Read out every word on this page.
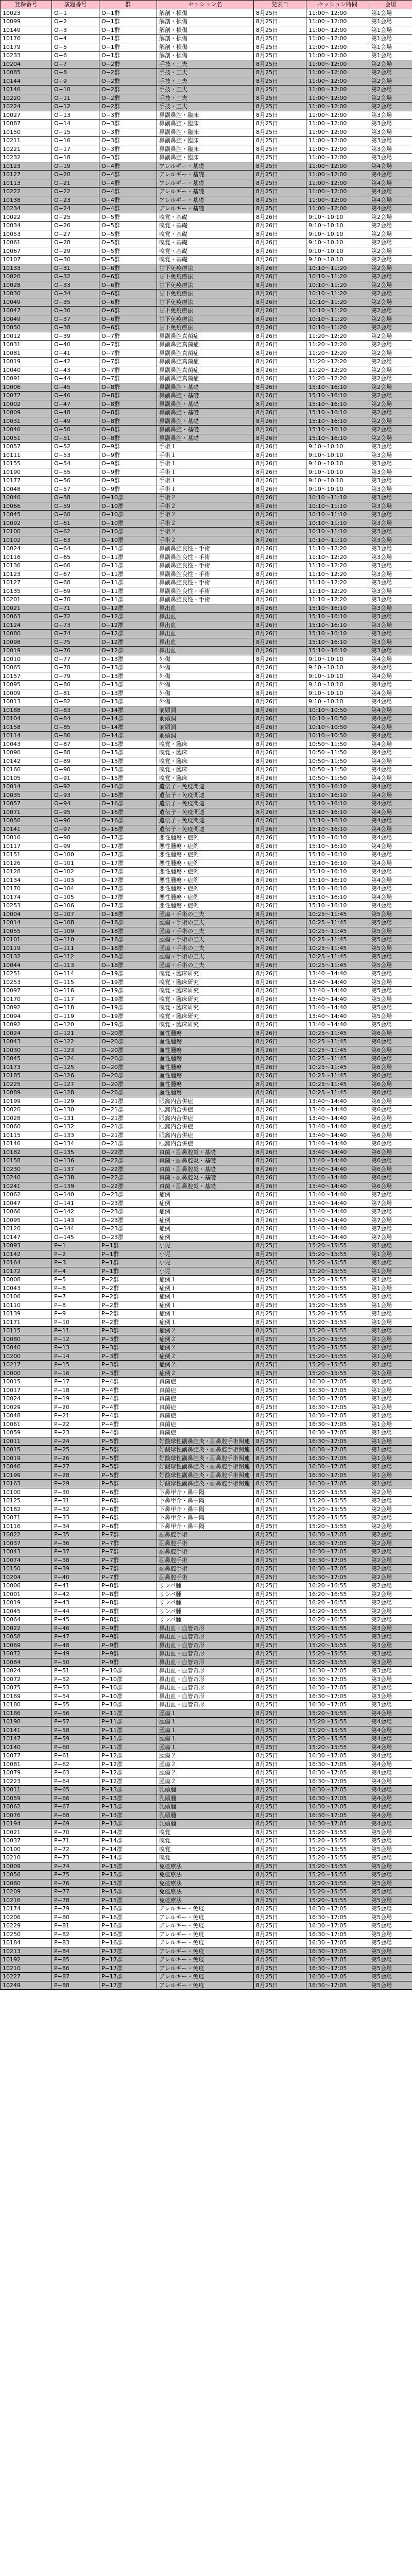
登録番号	演題番号	群	セッション名	発表日	セッション時間	会場
10023	O−1	O−1群	解剖・損傷	8月25日	11:00〜12:00	第1会場
10099	O−2	O−1群	解剖・損傷	8月25日	11:00〜12:00	第1会場
10149	O−3	O−1群	解剖・損傷	8月25日	11:00〜12:00	第1会場
10176	O−4	O−1群	解剖・損傷	8月25日	11:00〜12:00	第1会場
10179	O−5	O−1群	解剖・損傷	8月25日	11:00〜12:00	第1会場
10233	O−6	O−1群	解剖・損傷	8月25日	11:00〜12:00	第1会場
10204	O−7	O−2群	手技・工夫	8月25日	11:00〜12:00	第2会場
10085	O−8	O−2群	手技・工夫	8月25日	11:00〜12:00	第2会場
10144	O−9	O−2群	手技・工夫	8月25日	11:00〜12:00	第2会場
10146	O−10	O−2群	手技・工夫	8月25日	11:00〜12:00	第2会場
10220	O−11	O−2群	手技・工夫	8月25日	11:00〜12:00	第2会場
10224	O−12	O−2群	手技・工夫	8月25日	11:00〜12:00	第2会場
10027	O−13	O−3群	鼻副鼻腔・臨床	8月25日	11:00〜12:00	第3会場
10087	O−14	O−3群	鼻副鼻腔・臨床	8月25日	11:00〜12:00	第3会場
10150	O−15	O−3群	鼻副鼻腔・臨床	8月25日	11:00〜12:00	第3会場
10211	O−16	O−3群	鼻副鼻腔・臨床	8月25日	11:00〜12:00	第3会場
10221	O−17	O−3群	鼻副鼻腔・臨床	8月25日	11:00〜12:00	第3会場
10232	O−18	O−3群	鼻副鼻腔・臨床	8月25日	11:00〜12:00	第3会場
10123	O−19	O−4群	アレルギー・基礎	8月25日	11:00〜12:00	第4会場
10127	O−20	O−4群	アレルギー・基礎	8月25日	11:00〜12:00	第4会場
10113	O−21	O−4群	アレルギー・基礎	8月25日	11:00〜12:00	第4会場
10222	O−22	O−4群	アレルギー・基礎	8月25日	11:00〜12:00	第4会場
10138	O−23	O−4群	アレルギー・基礎	8月25日	11:00〜12:00	第4会場
10234	O−24	O−4群	アレルギー・基礎	8月25日	11:00〜12:00	第4会場
10022	O−25	O−5群	嗅覚・基礎	8月26日	9:10〜10:10	第2会場
10034	O−26	O−5群	嗅覚・基礎	8月26日	9:10〜10:10	第2会場
10053	O−27	O−5群	嗅覚・基礎	8月26日	9:10〜10:10	第2会場
10061	O−28	O−5群	嗅覚・基礎	8月26日	9:10〜10:10	第2会場
10067	O−29	O−5群	嗅覚・基礎	8月26日	9:10〜10:10	第2会場
10107	O−30	O−5群	嗅覚・基礎	8月26日	9:10〜10:10	第2会場
10133	O−31	O−6群	甘下免疫療法	8月26日	10:10〜11:20	第2会場
10026	O−32	O−6群	甘下免疫療法	8月26日	10:10〜11:20	第2会場
10028	O−33	O−6群	甘下免疫療法	8月26日	10:10〜11:20	第2会場
10030	O−34	O−6群	甘下免疫療法	8月26日	10:10〜11:20	第2会場
10049	O−35	O−6群	甘下免疫療法	8月26日	10:10〜11:20	第2会場
10047	O−36	O−6群	甘下免疫療法	8月26日	10:10〜11:20	第2会場
10049	O−37	O−6群	甘下免疫療法	8月26日	10:10〜11:20	第2会場
10050	O−38	O−6群	甘下免疫療法	8月26日	10:10〜11:20	第2会場
10012	O−39	O−7群	鼻副鼻腔真菌症	8月26日	11:20〜12:20	第2会場
10031	O−40	O−7群	鼻副鼻腔真菌症	8月26日	11:20〜12:20	第2会場
10081	O−41	O−7群	鼻副鼻腔真菌症	8月26日	11:20〜12:20	第2会場
10019	O−42	O−7群	鼻副鼻腔真菌症	8月26日	11:20〜12:20	第2会場
10040	O−43	O−7群	鼻副鼻腔真菌症	8月26日	11:20〜12:20	第2会場
10091	O−44	O−7群	鼻副鼻腔真菌症	8月26日	11:20〜12:20	第2会場
10006	O−45	O−8群	鼻副鼻腔・基礎	8月26日	15:10〜16:10	第2会場
10077	O−46	O−8群	鼻副鼻腔・基礎	8月26日	15:10〜16:10	第2会場
10002	O−47	O−8群	鼻副鼻腔・基礎	8月26日	15:10〜16:10	第2会場
10009	O−48	O−8群	鼻副鼻腔・基礎	8月26日	15:10〜16:10	第2会場
10031	O−49	O−8群	鼻副鼻腔・基礎	8月26日	15:10〜16:10	第2会場
10046	O−50	O−8群	鼻副鼻腔・基礎	8月26日	15:10〜16:10	第2会場
10051	O−51	O−8群	鼻副鼻腔・基礎	8月26日	15:10〜16:10	第2会場
10057	O−52	O−9群	手術１	8月26日	9:10〜10:10	第3会場
10111	O−53	O−9群	手術１	8月26日	9:10〜10:10	第3会場
10155	O−54	O−9群	手術１	8月26日	9:10〜10:10	第3会場
10190	O−55	O−9群	手術１	8月26日	9:10〜10:10	第3会場
10177	O−56	O−9群	手術１	8月26日	9:10〜10:10	第3会場
10048	O−57	O−9群	手術１	8月26日	9:10〜10:10	第3会場
10046	O−58	O−10群	手術２	8月26日	10:10〜11:10	第3会場
10066	O−59	O−10群	手術２	8月26日	10:10〜11:10	第3会場
10045	O−60	O−10群	手術２	8月26日	10:10〜11:10	第3会場
10092	O−61	O−10群	手術２	8月26日	10:10〜11:10	第3会場
10100	O−62	O−10群	手術２	8月26日	10:10〜11:10	第3会場
10102	O−63	O−10群	手術２	8月26日	10:10〜11:10	第3会場
10024	O−64	O−11群	鼻副鼻腔良性・手術	8月26日	11:10〜12:20	第3会場
10116	O−65	O−11群	鼻副鼻腔良性・手術	8月26日	11:10〜12:20	第3会場
10136	O−66	O−11群	鼻副鼻腔良性・手術	8月26日	11:10〜12:20	第3会場
10123	O−67	O−11群	鼻副鼻腔良性・手術	8月26日	11:10〜12:20	第3会場
10127	O−68	O−11群	鼻副鼻腔良性・手術	8月26日	11:10〜12:20	第3会場
10135	O−69	O−11群	鼻副鼻腔良性・手術	8月26日	11:10〜12:20	第3会場
10201	O−70	O−11群	鼻副鼻腔良性・手術	8月26日	11:10〜12:20	第3会場
10021	O−71	O−12群	鼻出血	8月26日	15:10〜16:10	第3会場
10063	O−72	O−12群	鼻出血	8月26日	15:10〜16:10	第3会場
10124	O−73	O−12群	鼻出血	8月26日	15:10〜16:10	第3会場
10080	O−74	O−12群	鼻出血	8月26日	15:10〜16:10	第3会場
10098	O−75	O−12群	鼻出血	8月26日	15:10〜16:10	第3会場
10019	O−76	O−12群	鼻出血	8月26日	15:10〜16:10	第3会場
10010	O−77	O−13群	外傷	8月26日	9:10〜10:10	第4会場
10065	O−78	O−13群	外傷	8月26日	9:10〜10:10	第4会場
10157	O−79	O−13群	外傷	8月26日	9:10〜10:10	第4会場
10095	O−80	O−13群	外傷	8月26日	9:10〜10:10	第4会場
10009	O−81	O−13群	外傷	8月26日	9:10〜10:10	第4会場
10013	O−82	O−13群	外傷	8月26日	9:10〜10:10	第4会場
10188	O−83	O−14群	前頭洞	8月26日	10:10〜10:50	第4会場
10104	O−84	O−14群	前頭洞	8月26日	10:10〜10:50	第4会場
10158	O−85	O−14群	前頭洞	8月26日	10:10〜10:50	第4会場
10114	O−86	O−14群	前頭洞	8月26日	10:10〜10:50	第4会場
10043	O−87	O−15群	嗅覚・臨床	8月26日	10:50〜11:50	第4会場
10090	O−88	O−15群	嗅覚・臨床	8月26日	10:50〜11:50	第4会場
10142	O−89	O−15群	嗅覚・臨床	8月26日	10:50〜11:50	第4会場
10160	O−90	O−15群	嗅覚・臨床	8月26日	10:50〜11:50	第4会場
10105	O−91	O−15群	嗅覚・臨床	8月26日	10:50〜11:50	第4会場
10014	O−92	O−16群	遺伝子・免疫関連	8月26日	15:10〜16:10	第4会場
10035	O−93	O−16群	遺伝子・免疫関連	8月26日	15:10〜16:10	第4会場
10057	O−94	O−16群	遺伝子・免疫関連	8月26日	15:10〜16:10	第4会場
10071	O−95	O−16群	遺伝子・免疫関連	8月26日	15:10〜16:10	第4会場
10056	O−96	O−16群	遺伝子・免疫関連	8月26日	15:10〜16:10	第4会場
10141	O−97	O−16群	遺伝子・免疫関連	8月26日	15:10〜16:10	第4会場
10016	O−98	O−17群	悪性腫瘍・症例	8月26日	15:10〜16:10	第4会場
10117	O−99	O−17群	悪性腫瘍・症例	8月26日	15:10〜16:10	第4会場
10151	O−100	O−17群	悪性腫瘍・症例	8月26日	15:10〜16:10	第4会場
10126	O−101	O−17群	悪性腫瘍・症例	8月26日	15:10〜16:10	第4会場
10128	O−102	O−17群	悪性腫瘍・症例	8月26日	15:10〜16:10	第4会場
10134	O−103	O−17群	悪性腫瘍・症例	8月26日	15:10〜16:10	第4会場
10170	O−104	O−17群	悪性腫瘍・症例	8月26日	15:10〜16:10	第4会場
10174	O−105	O−17群	悪性腫瘍・症例	8月26日	15:10〜16:10	第4会場
10253	O−106	O−17群	悪性腫瘍・症例	8月26日	15:10〜16:10	第4会場
10004	O−107	O−18群	腫瘍・手術の工夫	8月26日	10:25〜11:45	第5会場
10014	O−108	O−18群	腫瘍・手術の工夫	8月26日	10:25〜11:45	第5会場
10055	O−109	O−18群	腫瘍・手術の工夫	8月26日	10:25〜11:45	第5会場
10101	O−110	O−18群	腫瘍・手術の工夫	8月26日	10:25〜11:45	第5会場
10119	O−111	O−18群	腫瘍・手術の工夫	8月26日	10:25〜11:45	第5会場
10132	O−112	O−18群	腫瘍・手術の工夫	8月26日	10:25〜11:45	第5会場
10044	O−113	O−18群	腫瘍・手術の工夫	8月26日	10:25〜11:45	第5会場
10251	O−114	O−19群	嗅覚・臨床研究	8月26日	13:40〜14:40	第5会場
10253	O−115	O−19群	嗅覚・臨床研究	8月26日	13:40〜14:40	第5会場
10097	O−116	O−19群	嗅覚・臨床研究	8月26日	13:40〜14:40	第5会場
10170	O−117	O−19群	嗅覚・臨床研究	8月26日	13:40〜14:40	第5会場
10092	O−118	O−19群	嗅覚・臨床研究	8月26日	13:40〜14:40	第5会場
10094	O−119	O−19群	嗅覚・臨床研究	8月26日	13:40〜14:40	第5会場
10092	O−120	O−19群	嗅覚・臨床研究	8月26日	13:40〜14:40	第5会場
10024	O−121	O−20群	血性腫瘍	8月26日	10:25〜11:45	第6会場
10043	O−122	O−20群	血性腫瘍	8月26日	10:25〜11:45	第6会場
10030	O−123	O−20群	血性腫瘍	8月26日	10:25〜11:45	第6会場
10045	O−124	O−20群	血性腫瘍	8月26日	10:25〜11:45	第6会場
10173	O−125	O−20群	血性腫瘍	8月26日	10:25〜11:45	第6会場
10185	O−126	O−20群	血性腫瘍	8月26日	10:25〜11:45	第6会場
10225	O−127	O−20群	血性腫瘍	8月26日	10:25〜11:45	第6会場
10089	O−128	O−20群	血性腫瘍	8月26日	10:25〜11:45	第6会場
10199	O−129	O−21群	眼窩内合併症	8月26日	13:40〜14:40	第6会場
10020	O−130	O−21群	眼窩内合併症	8月26日	13:40〜14:40	第6会場
10028	O−131	O−21群	眼窩内合併症	8月26日	13:40〜14:40	第6会場
10060	O−132	O−21群	眼窩内合併症	8月26日	13:40〜14:40	第6会場
10115	O−133	O−21群	眼窩内合併症	8月26日	13:40〜14:40	第6会場
10146	O−134	O−21群	眼窩内合併症	8月26日	13:40〜14:40	第6会場
10182	O−135	O−22群	真菌・副鼻腔炎・基礎	8月26日	13:40〜14:40	第6会場
10158	O−136	O−22群	真菌・副鼻腔炎・基礎	8月26日	13:40〜14:40	第6会場
10230	O−137	O−22群	真菌・副鼻腔炎・基礎	8月26日	13:40〜14:40	第6会場
10240	O−138	O−22群	真菌・副鼻腔炎・基礎	8月26日	13:40〜14:40	第6会場
10241	O−139	O−22群	真菌・副鼻腔炎・基礎	8月26日	13:40〜14:40	第6会場
10062	O−140	O−23群	症例	8月26日	13:40〜14:40	第7会場
10047	O−141	O−23群	症例	8月26日	13:40〜14:40	第7会場
10066	O−142	O−23群	症例	8月26日	13:40〜14:40	第7会場
10095	O−143	O−23群	症例	8月26日	13:40〜14:40	第7会場
10120	O−144	O−23群	症例	8月26日	13:40〜14:40	第7会場
10147	O−145	O−23群	症例	8月26日	13:40〜14:40	第7会場
10093	P−1	P−1群	小児	8月25日	15:20〜15:55	第1会場
10142	P−2	P−1群	小児	8月25日	15:20〜15:55	第1会場
10164	P−3	P−1群	小児	8月25日	15:20〜15:55	第1会場
10172	P−4	P−1群	小児	8月25日	15:20〜15:55	第1会場
10008	P−5	P−2群	症例１	8月25日	15:20〜15:55	第1会場
10043	P−6	P−2群	症例１	8月25日	15:20〜15:55	第1会場
10106	P−7	P−2群	症例１	8月25日	15:20〜15:55	第1会場
10110	P−8	P−2群	症例１	8月25日	15:20〜15:55	第1会場
10139	P−9	P−2群	症例１	8月25日	15:20〜15:55	第1会場
10171	P−10	P−2群	症例１	8月25日	15:20〜15:55	第1会場
10115	P−11	P−3群	症例２	8月25日	15:20〜15:55	第1会場
10080	P−12	P−3群	症例２	8月25日	15:20〜15:55	第1会場
10040	P−13	P−3群	症例２	8月25日	15:20〜15:55	第1会場
10200	P−14	P−3群	症例２	8月25日	15:20〜15:55	第1会場
10217	P−15	P−3群	症例２	8月25日	15:20〜15:55	第1会場
10000	P−16	P−3群	症例２	8月25日	15:20〜15:55	第1会場
10015	P−17	P−4群	真菌症	8月25日	16:30〜17:05	第1会場
10017	P−18	P−4群	真菌症	8月25日	16:30〜17:05	第1会場
10024	P−19	P−4群	真菌症	8月25日	16:30〜17:05	第1会場
10029	P−20	P−4群	真菌症	8月25日	16:30〜17:05	第1会場
10048	P−21	P−4群	真菌症	8月25日	16:30〜17:05	第1会場
10061	P−22	P−4群	真菌症	8月25日	16:30〜17:05	第1会場
10059	P−23	P−4群	真菌症	8月25日	16:30〜17:05	第1会場
10011	P−24	P−5群	好酸球性副鼻腔炎・副鼻腔手術関連	8月25日	16:30〜17:05	第1会場
10015	P−25	P−5群	好酸球性副鼻腔炎・副鼻腔手術関連	8月25日	16:30〜17:05	第1会場
10019	P−26	P−5群	好酸球性副鼻腔炎・副鼻腔手術関連	8月25日	16:30〜17:05	第1会場
10046	P−27	P−5群	好酸球性副鼻腔炎・副鼻腔手術関連	8月25日	16:30〜17:05	第1会場
10199	P−28	P−5群	好酸球性副鼻腔炎・副鼻腔手術関連	8月25日	16:30〜17:05	第1会場
10163	P−29	P−5群	好酸球性副鼻腔炎・副鼻腔手術関連	8月25日	16:30〜17:05	第1会場
10100	P−30	P−6群	下鼻甲介・鼻中隔	8月25日	15:20〜15:55	第2会場
10125	P−31	P−6群	下鼻甲介・鼻中隔	8月25日	15:20〜15:55	第2会場
10182	P−32	P−6群	下鼻甲介・鼻中隔	8月25日	15:20〜15:55	第2会場
10071	P−33	P−6群	下鼻甲介・鼻中隔	8月25日	15:20〜15:55	第2会場
10116	P−34	P−6群	下鼻甲介・鼻中隔	8月25日	15:20〜15:55	第2会場
10022	P−35	P−7群	副鼻腔手術	8月25日	16:30〜17:05	第2会場
10037	P−36	P−7群	副鼻腔手術	8月25日	16:30〜17:05	第2会場
10043	P−37	P−7群	副鼻腔手術	8月25日	16:30〜17:05	第2会場
10074	P−38	P−7群	副鼻腔手術	8月25日	16:30〜17:05	第2会場
10150	P−39	P−7群	副鼻腔手術	8月25日	16:30〜17:05	第2会場
10204	P−40	P−7群	副鼻腔手術	8月25日	16:30〜17:05	第2会場
10006	P−41	P−8群	リンパ腫	8月25日	16:20〜16:55	第2会場
10001	P−42	P−8群	リンパ腫	8月25日	16:20〜16:55	第2会場
10019	P−43	P−8群	リンパ腫	8月25日	16:20〜16:55	第2会場
10045	P−44	P−8群	リンパ腫	8月25日	16:20〜16:55	第2会場
10064	P−45	P−8群	リンパ腫	8月25日	16:20〜16:55	第2会場
10022	P−46	P−9群	鼻出血・血管奇形	8月25日	15:20〜15:55	第3会場
10058	P−47	P−9群	鼻出血・血管奇形	8月25日	15:20〜15:55	第3会場
10069	P−48	P−9群	鼻出血・血管奇形	8月25日	15:20〜15:55	第3会場
10072	P−49	P−9群	鼻出血・血管奇形	8月25日	15:20〜15:55	第3会場
10084	P−50	P−9群	鼻出血・血管奇形	8月25日	15:20〜15:55	第3会場
10024	P−51	P−10群	鼻出血・血管奇形	8月25日	16:30〜17:05	第3会場
10072	P−52	P−10群	鼻出血・血管奇形	8月25日	16:30〜17:05	第3会場
10075	P−53	P−10群	鼻出血・血管奇形	8月25日	16:30〜17:05	第3会場
10169	P−54	P−10群	鼻出血・血管奇形	8月25日	16:30〜17:05	第3会場
10180	P−55	P−10群	鼻出血・血管奇形	8月25日	16:30〜17:05	第3会場
10186	P−56	P−11群	腫瘍１	8月25日	15:20〜15:55	第4会場
10198	P−57	P−11群	腫瘍１	8月25日	15:20〜15:55	第4会場
10141	P−58	P−11群	腫瘍１	8月25日	15:20〜15:55	第4会場
10147	P−59	P−11群	腫瘍１	8月25日	15:20〜15:55	第4会場
10140	P−60	P−11群	腫瘍１	8月25日	15:20〜15:55	第4会場
10077	P−61	P−12群	腫瘍２	8月25日	16:30〜17:05	第4会場
10081	P−62	P−12群	腫瘍２	8月25日	16:30〜17:05	第4会場
10079	P−63	P−12群	腫瘍２	8月25日	16:30〜17:05	第4会場
10223	P−64	P−12群	腫瘍２	8月25日	16:30〜17:05	第4会場
10011	P−65	P−13群	乳頭腫	8月25日	16:30〜17:05	第4会場
10059	P−66	P−13群	乳頭腫	8月25日	16:30〜17:05	第4会場
10062	P−67	P−13群	乳頭腫	8月25日	16:30〜17:05	第4会場
10076	P−68	P−13群	乳頭腫	8月25日	16:30〜17:05	第4会場
10194	P−69	P−13群	乳頭腫	8月25日	16:30〜17:05	第4会場
10021	P−70	P−14群	嗅覚	8月25日	15:20〜15:55	第5会場
10037	P−71	P−14群	嗅覚	8月25日	15:20〜15:55	第5会場
10100	P−72	P−14群	嗅覚	8月25日	15:20〜15:55	第5会場
10210	P−73	P−14群	嗅覚	8月25日	15:20〜15:55	第5会場
10009	P−74	P−15群	免疫療法	8月25日	15:20〜15:55	第5会場
10056	P−75	P−15群	免疫療法	8月25日	15:20〜15:55	第5会場
10080	P−76	P−15群	免疫療法	8月25日	15:20〜15:55	第5会場
10209	P−77	P−15群	免疫療法	8月25日	15:20〜15:55	第5会場
10216	P−78	P−15群	免疫療法	8月25日	15:20〜15:55	第5会場
10174	P−79	P−16群	アレルギー・免疫	8月25日	16:30〜17:05	第5会場
10206	P−80	P−16群	アレルギー・免疫	8月25日	16:30〜17:05	第5会場
10229	P−81	P−16群	アレルギー・免疫	8月25日	16:30〜17:05	第5会場
10250	P−82	P−16群	アレルギー・免疫	8月25日	16:30〜17:05	第5会場
10184	P−83	P−16群	アレルギー・免疫	8月25日	16:30〜17:05	第5会場
10213	P−84	P−17群	アレルギー・免疫	8月25日	16:30〜17:05	第5会場
10192	P−85	P−17群	アレルギー・免疫	8月25日	16:30〜17:05	第5会場
10210	P−86	P−17群	アレルギー・免疫	8月25日	16:30〜17:05	第5会場
10227	P−87	P−17群	アレルギー・免疫	8月25日	16:30〜17:05	第5会場
10249	P−88	P−17群	アレルギー・免疫	8月25日	16:30〜17:05	第5会場
